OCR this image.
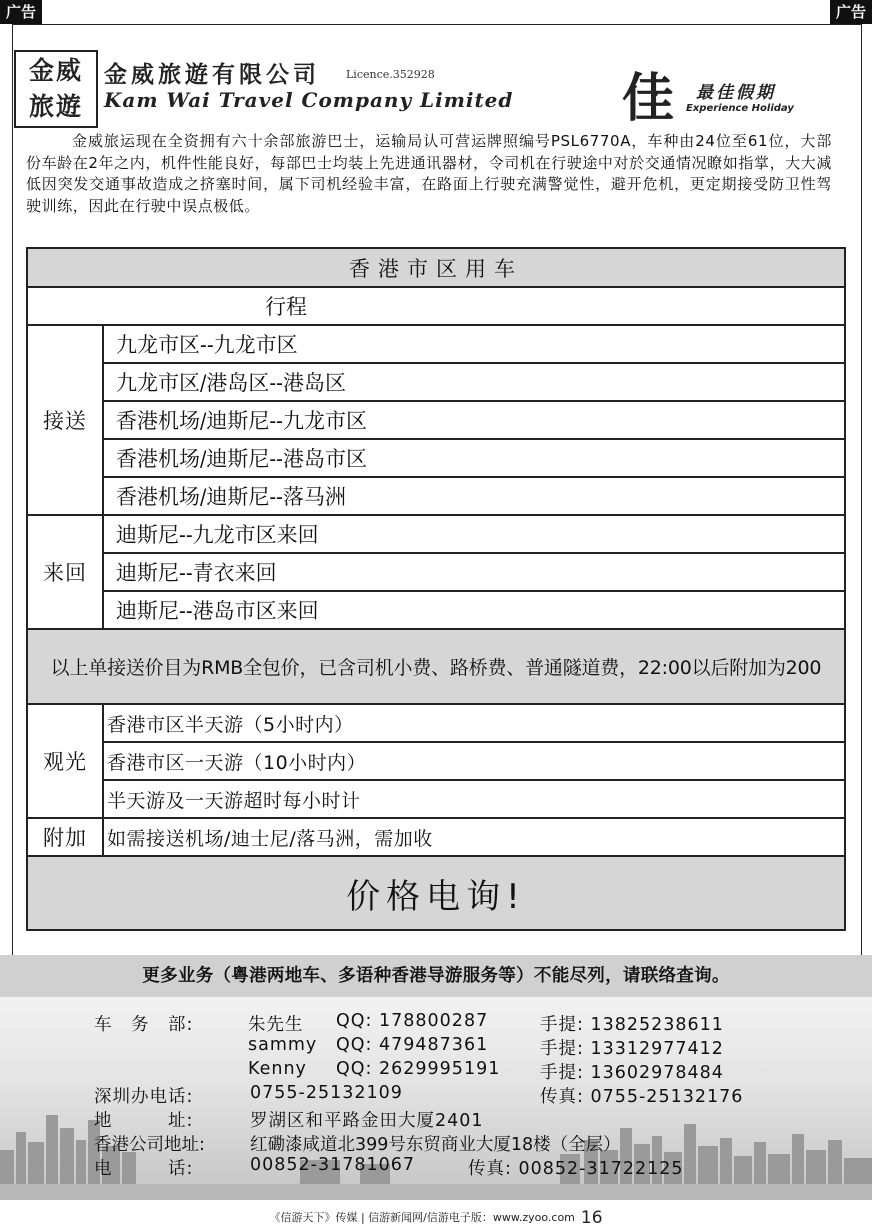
广告	广告
金威
旅遊
金威旅遊有限公司 Licence.352928
Kam Wai Travel Company Limited 佳 最佳假期
Experience Holiday
金威旅运现在全资拥有六十余部旅游巴士，运输局认可营运牌照编号PSL6770A，车种由24位至61位，大部份车龄在2年之内，机件性能良好，每部巴士均装上先进通讯器材，令司机在行驶途中对於交通情况瞭如指掌，大大减低因突发交通事故造成之挤塞时间，属下司机经验丰富，在路面上行驶充满警觉性，避开危机，更定期接受防卫性驾驶训练，因此在行驶中误点极低。
香港市区用车	
行程	
接送	九龙市区--九龙市区
	九龙市区/港岛区--港岛区
	香港机场/迪斯尼--九龙市区
	香港机场/迪斯尼--港岛市区
	香港机场/迪斯尼--落马洲
来回	迪斯尼--九龙市区来回
	迪斯尼--青衣来回
	迪斯尼--港岛市区来回
以上单接送价目为RMB全包价，已含司机小费、路桥费、普通隧道费，22:00以后附加为200	
观光	香港市区半天游（5小时内）
	香港市区一天游（10小时内）
	半天游及一天游超时每小时计
附加	如需接送机场/迪士尼/落马洲，需加收
价格电询!	
更多业务（粤港两地车、多语种香港导游服务等）不能尽列，请联络查询。
车　务　部:	朱先生 QQ: 178800287	手提: 13825238611
sammy QQ: 479487361	手提: 13312977412
Kenny QQ: 2629995191 手提: 13602978484
深圳办电话:	0755-25132109	传真: 0755-25132176
地　　　址:	罗湖区和平路金田大厦2401
香港公司地址:	红磡漆咸道北399号东贸商业大厦18楼（全层）
电　　　话:	00852-31781067	传真: 00852-31722125
《信游天下》传媒 | 信游新闻网/信游电子版：www.zyoo.com 16
